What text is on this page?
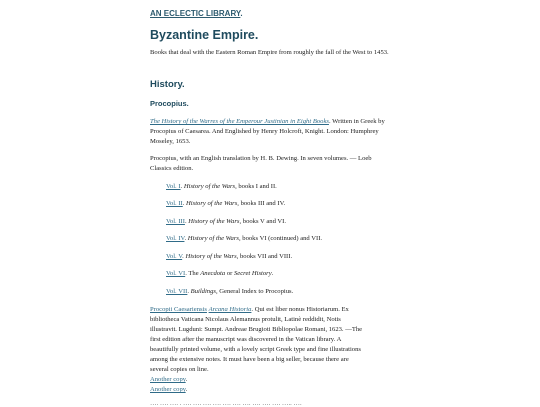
AN ECLECTIC LIBRARY.
Byzantine Empire.

Books that deal with the Eastern Roman Empire from roughly the fall of the West to 1453.

History.
Procopius.

The History of the Warres of the Emperour Justinian in Eight Books. Written in Greek by Procopius of Caesarea. And Englished by Henry Holcroft, Knight. London: Humphrey Moseley, 1653.

Procopius, with an English translation by H. B. Dewing. In seven volumes. — Loeb Classics edition.

Vol. I. History of the Wars, books I and II.
Vol. II. History of the Wars, books III and IV.
Vol. III. History of the Wars, books V and VI.
Vol. IV. History of the Wars, books VI (continued) and VII.
Vol. V. History of the Wars, books VII and VIII.
Vol. VI. The Anecdota or Secret History.
Vol. VII. Buildings, General Index to Procopius.
Procopii Caesariensis Arcana Historia. Qui est liber nonus Historiarum. Ex
bibliotheca Vaticana Nicolaus Alemannus protulit, Latinè reddidit, Notis
illustravit. Lugduni: Sumpt. Andreae Brugioti Bibliopolae Romani, 1623. —The
first edition after the manuscript was discovered in the Vatican library. A
beautifully printed volume, with a lovely script Greek type and fine illustrations
among the extensive notes. It must have been a big seller, because there are
several copies on line.
Another copy.
Another copy.
…. …. …. . …. …. …. …. …. …. …. …. …. …. ….. ….
